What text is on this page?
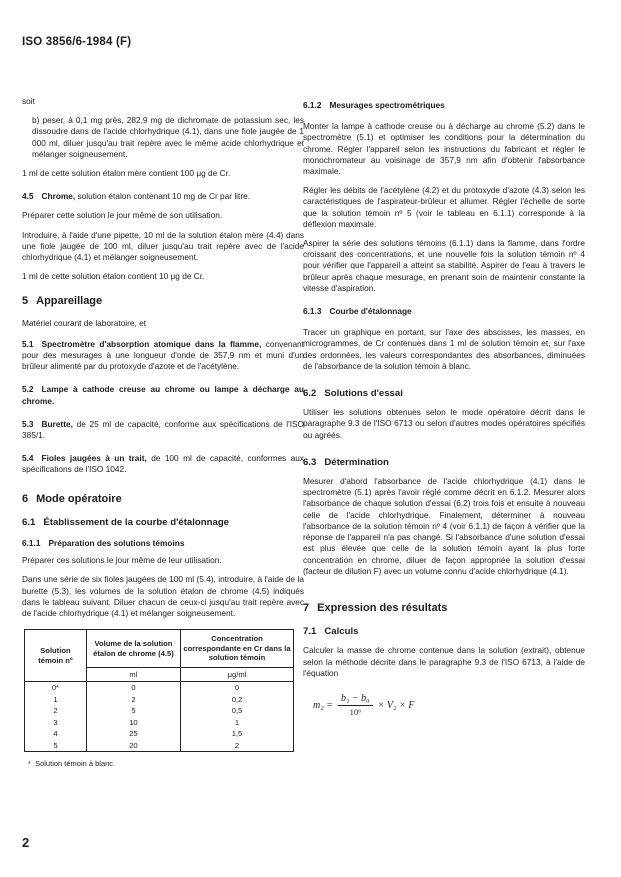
ISO 3856/6-1984 (F)

soit

b) peser, à 0,1 mg près, 282,9 mg de dichromate de potassium sec, les dissoudre dans de l'acide chlorhydrique (4.1), dans une fiole jaugée de 1 000 ml, diluer jusqu'au trait repère avec le même acide chlorhydrique et mélanger soigneusement.

1 ml de cette solution étalon mère contient 100 μg de Cr.

4.5 Chrome, solution étalon contenant 10 mg de Cr par litre.

Préparer cette solution le jour même de son utilisation.

Introduire, à l'aide d'une pipette, 10 ml de la solution étalon mère (4.4) dans une fiole jaugée de 100 ml, diluer jusqu'au trait repère avec de l'acide chlorhydrique (4.1) et mélanger soigneusement.

1 ml de cette solution étalon contient 10 μg de Cr.

5 Appareillage

Matériel courant de laboratoire, et

5.1 Spectromètre d'absorption atomique dans la flamme, convenant pour des mesurages à une longueur d'onde de 357,9 nm et muni d'un brûleur alimenté par du protoxyde d'azote et de l'acétylène.

5.2 Lampe à cathode creuse au chrome ou lampe à décharge au chrome.

5.3 Burette, de 25 ml de capacité, conforme aux spécifications de l'ISO 385/1.

5.4 Fioles jaugées à un trait, de 100 ml de capacité, conformes aux spécifications de l'ISO 1042.

6 Mode opératoire
6.1 Établissement de la courbe d'étalonnage
6.1.1 Préparation des solutions témoins

Préparer ces solutions le jour même de leur utilisation.

Dans une série de six fioles jaugées de 100 ml (5.4), introduire, à l'aide de la burette (5.3), les volumes de la solution étalon de chrome (4.5) indiqués dans le tableau suivant. Diluer chacun de ceux-ci jusqu'au trait repère avec de l'acide chlorhydrique (4.1) et mélanger soigneusement.

Solution témoin nº	Volume de la solution étalon de chrome (4.5)	Concentration correspondante en Cr dans la solution témoin
	ml	μg/ml
0*	0	0
1	2	0,2
2	5	0,5
3	10	1
4	25	1,5
5	20	2
* Solution témoin à blanc.
6.1.2 Mesurages spectrométriques

Monter la lampe à cathode creuse ou à décharge au chrome (5.2) dans le spectromètre (5.1) et optimiser les conditions pour la détermination du chrome. Régler l'appareil selon les instructions du fabricant et régler le monochromateur au voisinage de 357,9 nm afin d'obtenir l'absorbance maximale.

Régler les débits de l'acétylène (4.2) et du protoxyde d'azote (4.3) selon les caractéristiques de l'aspirateur-brûleur et allumer. Régler l'échelle de sorte que la solution témoin nº 5 (voir le tableau en 6.1.1) corresponde à la déflexion maximale.

Aspirer la série des solutions témoins (6.1.1) dans la flamme, dans l'ordre croissant des concentrations, et une nouvelle fois la solution témoin nº 4 pour vérifier que l'appareil a atteint sa stabilité. Aspirer de l'eau à travers le brûleur après chaque mesurage, en prenant soin de maintenir constante la vitesse d'aspiration.

6.1.3 Courbe d'étalonnage

Tracer un graphique en portant, sur l'axe des abscisses, les masses, en microgrammes, de Cr contenues dans 1 ml de solution témoin et, sur l'axe des ordonnées, les valeurs correspondantes des absorbances, diminuées de l'absorbance de la solution témoin à blanc.

6.2 Solutions d'essai

Utiliser les solutions obtenues selon le mode opératoire décrit dans le paragraphe 9.3 de l'ISO 6713 ou selon d'autres modes opératoires spécifiés ou agréés.

6.3 Détermination

Mesurer d'abord l'absorbance de l'acide chlorhydrique (4.1) dans le spectromètre (5.1) après l'avoir réglé comme décrit en 6.1.2. Mesurer alors l'absorbance de chaque solution d'essai (6.2) trois fois et ensuite à nouveau celle de l'acide chlorhydrique. Finalement, déterminer à nouveau l'absorbance de la solution témoin nº 4 (voir 6.1.1) de façon à vérifier que la réponse de l'appareil n'a pas changé. Si l'absorbance d'une solution d'essai est plus élevée que celle de la solution témoin ayant la plus forte concentration en chrome, diluer de façon appropriée la solution d'essai (facteur de dilution F) avec un volume connu d'acide chlorhydrique (4.1).

7 Expression des résultats
7.1 Calculs

Calculer la masse de chrome contenue dans la solution (extrait), obtenue selon la méthode décrite dans le paragraphe 9.3 de l'ISO 6713, à l'aide de l'équation

$m_2 = \frac{\text{b₁ − b₀}}{\text{10⁶}} \times V_2 \times F$
2
